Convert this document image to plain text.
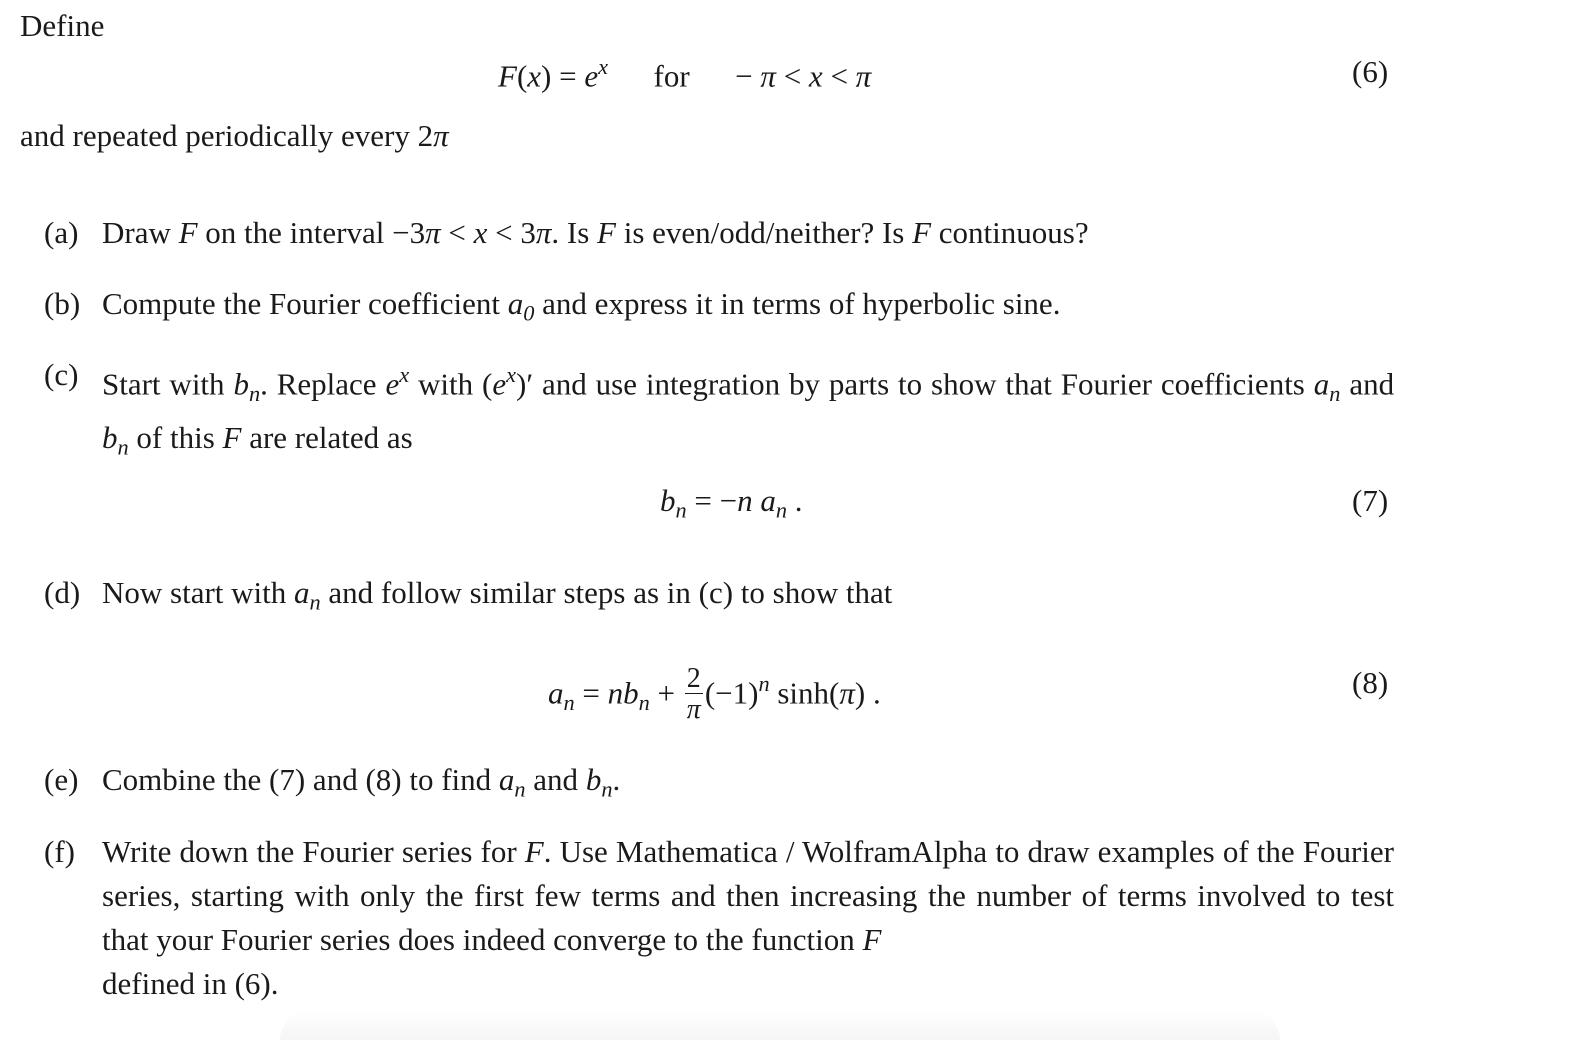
Define
$F(x) = e^x$ for  − π < x < π	(6)
and repeated periodically every 2π
(a) Draw F on the interval −3π < x < 3π. Is F is even/odd/neither? Is F continuous?
(b) Compute the Fourier coefficient $a_0$ and express it in terms of hyperbolic sine.
(c) Start with $b_n$. Replace $e^x$ with $(e^x)'$ and use integration by parts to show that Fourier coefficients $a_n$ and $b_n$ of this F are related as
$b_n = -n$ $a_n$ .	(7)
(d) Now start with $a_n$ and follow similar steps as in (c) to show that
$a_n = nb_n + \frac{2}{\pi} (-1)^n$ sinh(π) .	(8)
(e) Combine the (7) and (8) to find $a_n$ and $b_n$.
(f) Write down the Fourier series for F. Use Mathematica / WolframAlpha to draw examples of the Fourier series, starting with only the first few terms and then increasing the number of terms involved to test that your Fourier series does indeed converge to the function F
defined in (6).
